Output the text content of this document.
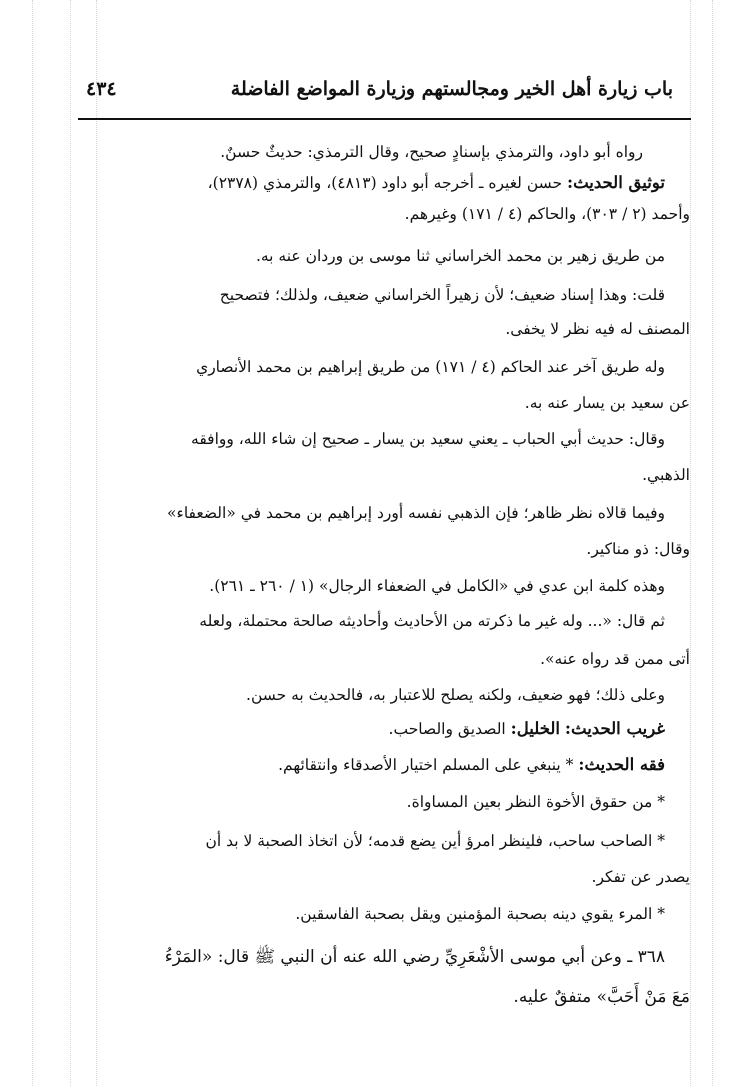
باب زيارة أهل الخير ومجالستهم وزيارة المواضع الفاضلة
٤٣٤
رواه أبو داود، والترمذي بإسنادٍ صحيح، وقال الترمذي: حديثٌ حسنٌ.
توثيق الحديث: حسن لغيره ـ أخرجه أبو داود (٤٨١٣)، والترمذي (٢٣٧٨)،
وأحمد (٢ / ٣٠٣)، والحاكم (٤ / ١٧١) وغيرهم.
من طريق زهير بن محمد الخراساني ثنا موسى بن وردان عنه به.
قلت: وهذا إسناد ضعيف؛ لأن زهيراً الخراساني ضعيف، ولذلك؛ فتصحيح
المصنف له فيه نظر لا يخفى.
وله طريق آخر عند الحاكم (٤ / ١٧١) من طريق إبراهيم بن محمد الأنصاري
عن سعيد بن يسار عنه به.
وقال: حديث أبي الحباب ـ يعني سعيد بن يسار ـ صحيح إن شاء الله، ووافقه
الذهبي.
وفيما قالاه نظر ظاهر؛ فإن الذهبي نفسه أورد إبراهيم بن محمد في «الضعفاء»
وقال: ذو مناكير.
وهذه كلمة ابن عدي في «الكامل في الضعفاء الرجال» (١ / ٢٦٠ ـ ٢٦١).
ثم قال: «... وله غير ما ذكرته من الأحاديث وأحاديثه صالحة محتملة، ولعله
أتى ممن قد رواه عنه».
وعلى ذلك؛ فهو ضعيف، ولكنه يصلح للاعتبار به، فالحديث به حسن.
غريب الحديث: الخليل: الصديق والصاحب.
فقه الحديث: * ينبغي على المسلم اختيار الأصدقاء وانتقائهم.
* من حقوق الأخوة النظر بعين المساواة.
* الصاحب ساحب، فلينظر امرؤ أين يضع قدمه؛ لأن اتخاذ الصحبة لا بد أن
يصدر عن تفكر.
* المرء يقوي دينه بصحبة المؤمنين ويقل بصحبة الفاسقين.
٣٦٨ ـ وعن أبي موسى الأشْعَرِيِّ رضي الله عنه أن النبي ﷺ قال: «المَرْءُ
مَعَ مَنْ أَحَبَّ» متفقٌ عليه.
